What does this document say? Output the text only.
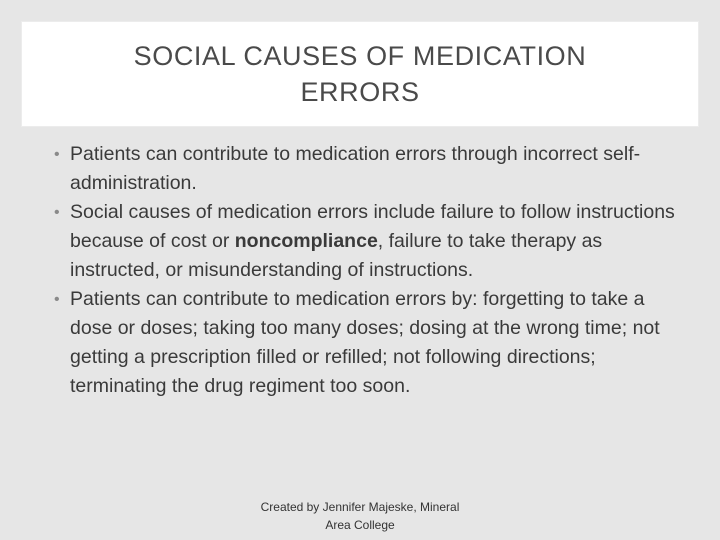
SOCIAL CAUSES OF MEDICATION ERRORS
• Patients can contribute to medication errors through incorrect self-administration.
• Social causes of medication errors include failure to follow instructions because of cost or noncompliance, failure to take therapy as instructed, or misunderstanding of instructions.
• Patients can contribute to medication errors by: forgetting to take a dose or doses; taking too many doses; dosing at the wrong time; not getting a prescription filled or refilled; not following directions; terminating the drug regiment too soon.
Created by Jennifer Majeske, Mineral Area College
